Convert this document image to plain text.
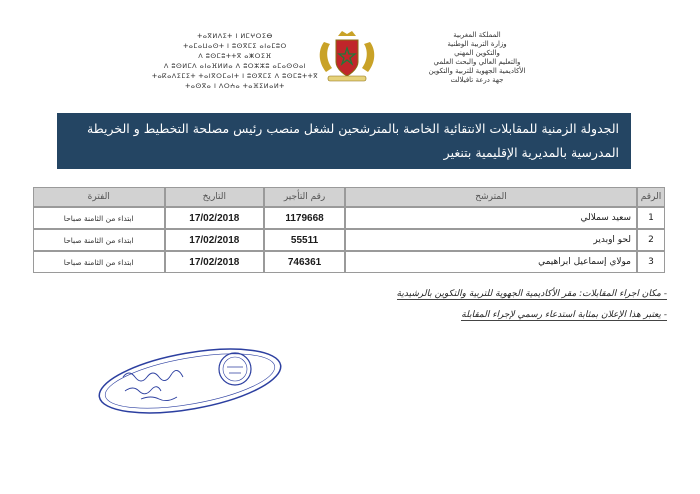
المملكة المغربية
وزارة التربية الوطنية
والتكوين المهني
والتعليم العالي والبحث العلمي
الأكاديمية الجهوية للتربية والتكوين
جهة درعة تافيلالت
ⵜⴰⴳⵍⴷⵉⵜ ⵏ ⵍⵎⵖⵔⵉⴱ
ⵜⴰⵎⴰⵡⴰⵙⵜ ⵏ ⵓⵙⴳⵎⵉ ⴰⵏⴰⵎⵓⵔ
ⴷ ⵓⵙⵎⵓⵜⵜⴳ ⴰⵥⵔⵉⴼ
ⴷ ⵓⵙⵍⵎⴷ ⴰⵏⴰⴼⵍⵍⴰ ⴷ ⵓⵔⵣⵣⵓ ⴰⵎⴰⵙⵙⴰⵏ
ⵜⴰⴽⴰⴷⵉⵎⵉⵜ ⵜⴰⵏⴳⵔⵎⴰⵏⵜ ⵏ ⵓⵙⴳⵎⵉ ⴷ ⵓⵙⵎⵓⵜⵜⴳ
ⵜⴰⵙⴳⴰ ⵏ ⴷⵔⵄⴰ ⵜⴰⴼⵉⵍⴰⵍⵜ
الجدولة الزمنية للمقابلات الانتقائية الخاصة بالمترشحين لشغل منصب رئيس مصلحة التخطيط و الخريطة المدرسية بالمديرية الإقليمية بتنغير
الرقم	المترشح	رقم التأجير	التاريخ	الفترة
1	سعيد سملالي	1179668	17/02/2018	ابتداء من الثامنة صباحا
2	لحو اوبدير	55511	17/02/2018	ابتداء من الثامنة صباحا
3	مولاي إسماعيل ابراهيمي	746361	17/02/2018	ابتداء من الثامنة صباحا
- مكان اجراء المقابلات: مقر الأكاديمية الجهوية للتربية والتكوين بالرشيدية
- يعتبر هذا الإعلان بمثابة استدعاء رسمي لإجراء المقابلة
